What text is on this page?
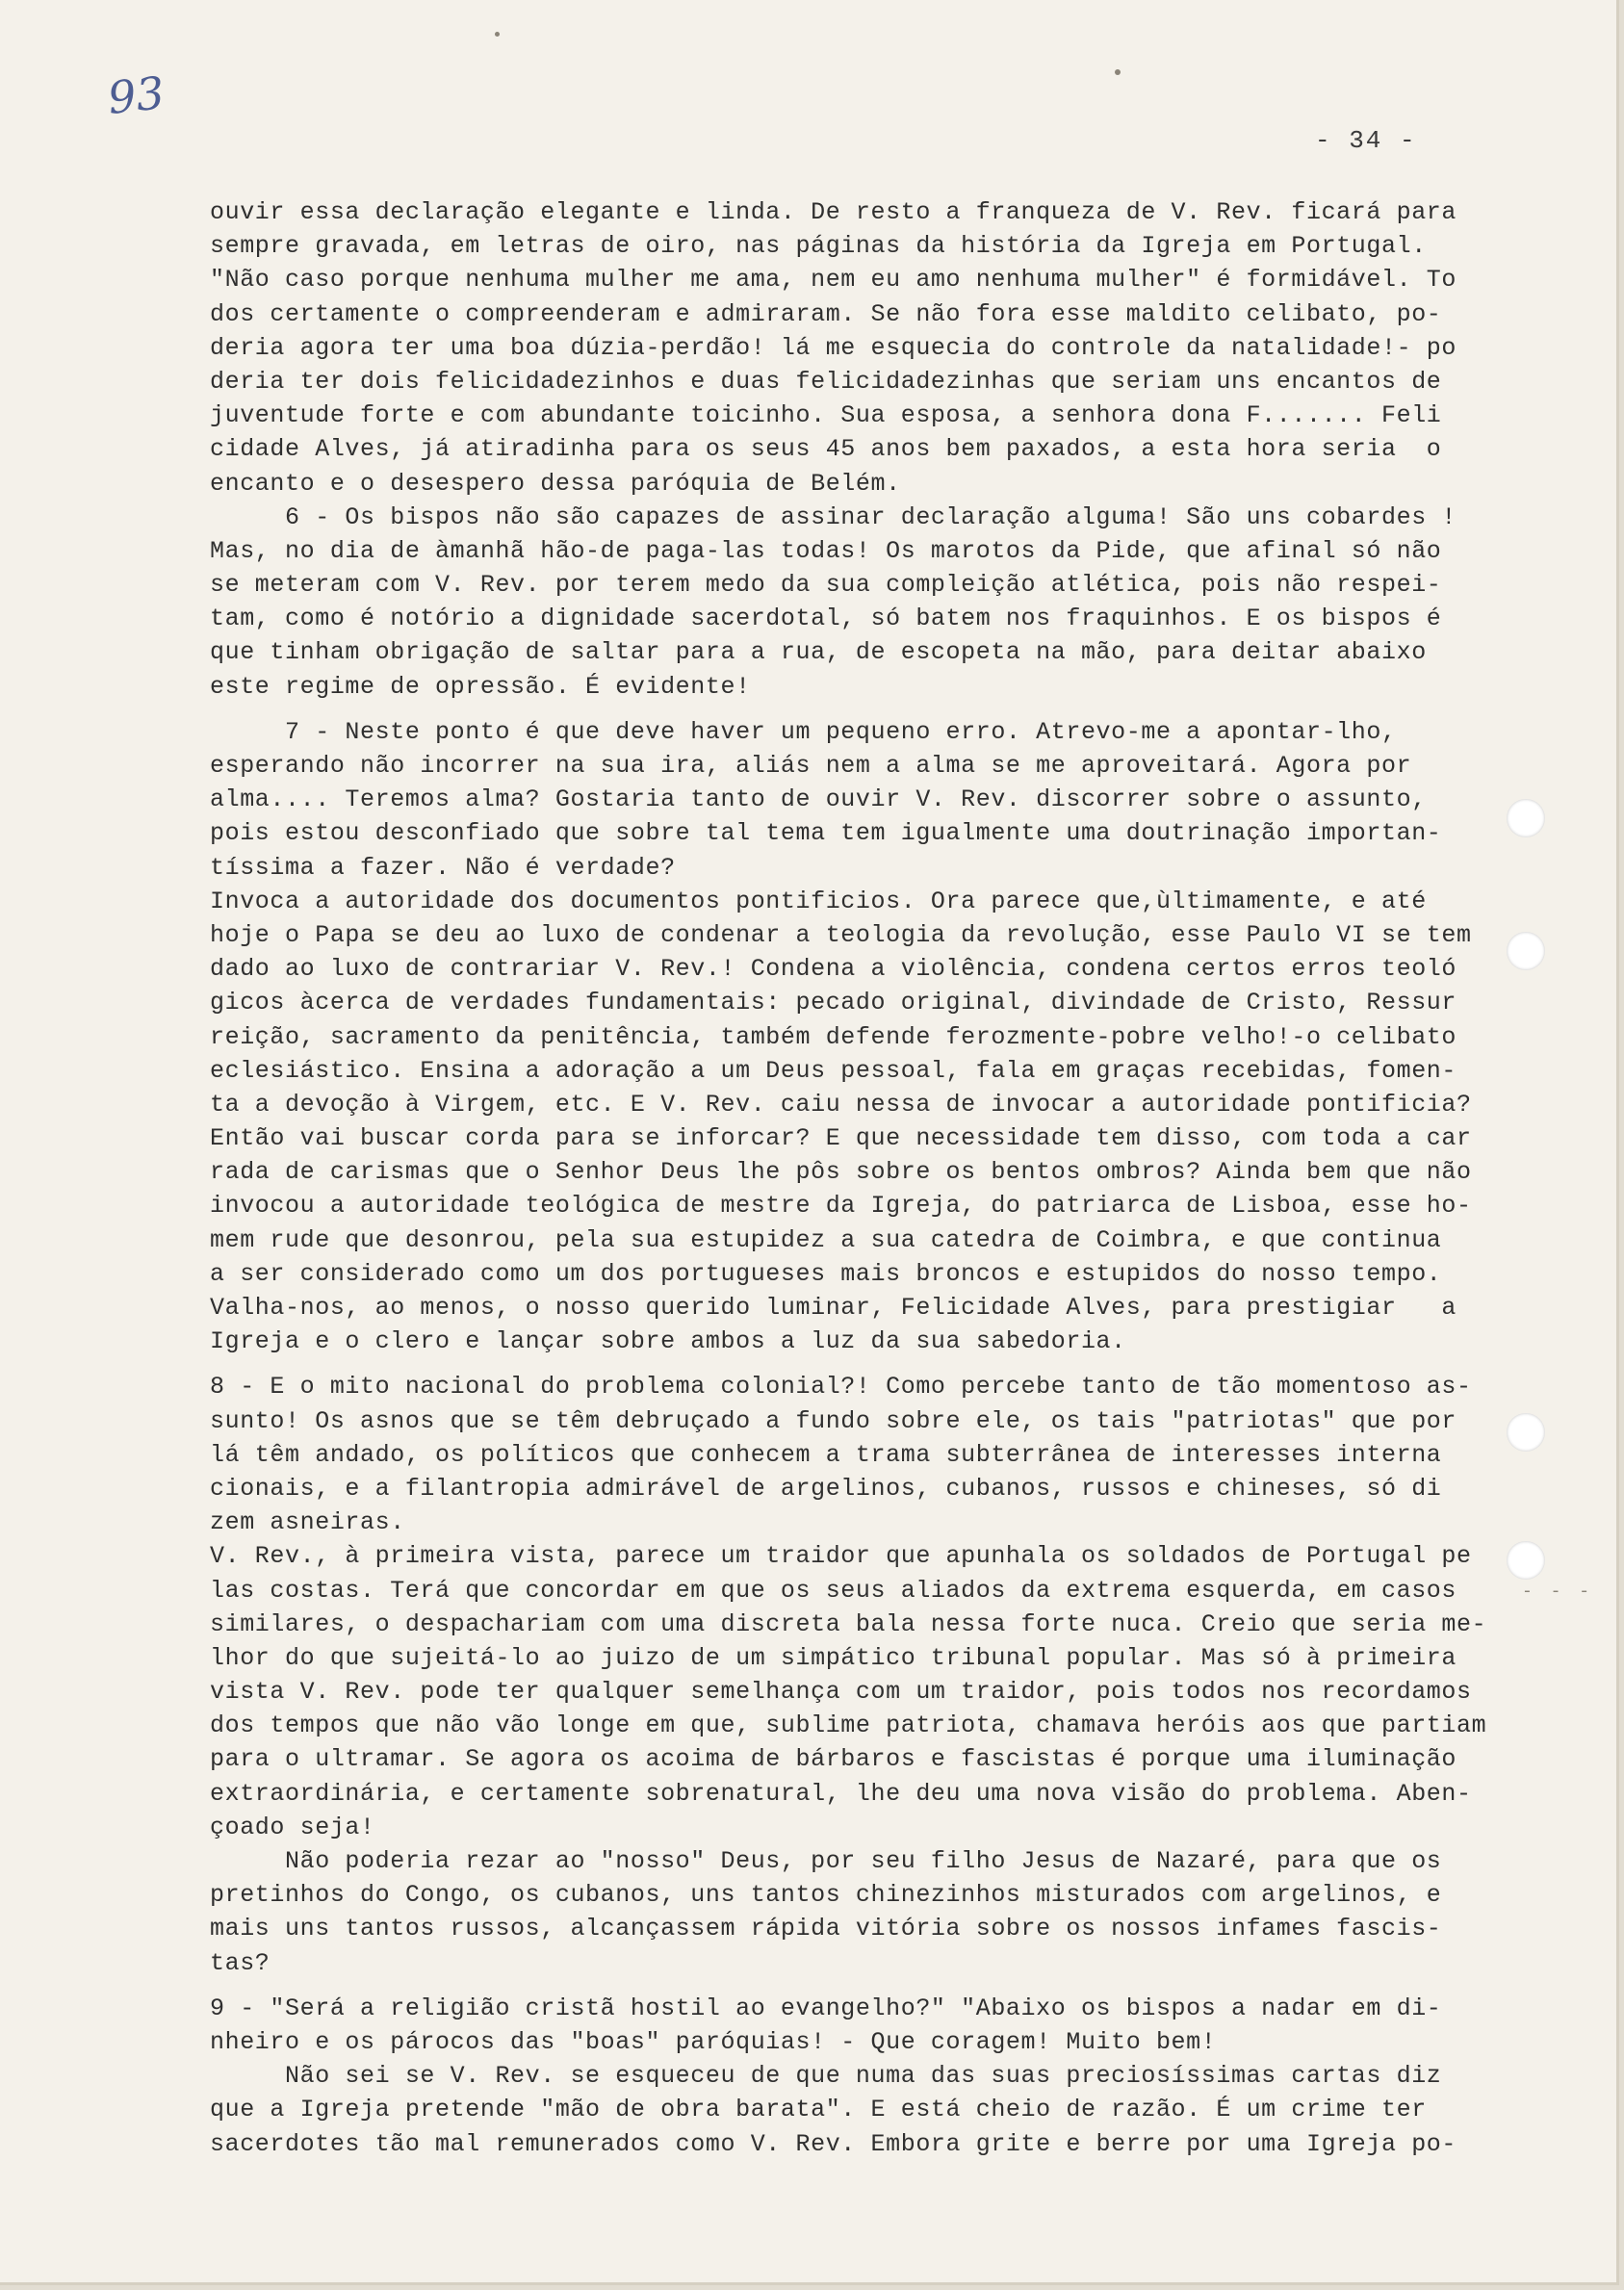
93
- 34 -
- - -
ouvir essa declaração elegante e linda. De resto a franqueza de V. Rev. ficará para
sempre gravada, em letras de oiro, nas páginas da história da Igreja em Portugal.
"Não caso porque nenhuma mulher me ama, nem eu amo nenhuma mulher" é formidável. To
dos certamente o compreenderam e admiraram. Se não fora esse maldito celibato, po-
deria agora ter uma boa dúzia-perdão! lá me esquecia do controle da natalidade!- po
deria ter dois felicidadezinhos e duas felicidadezinhas que seriam uns encantos de
juventude forte e com abundante toicinho. Sua esposa, a senhora dona F....... Feli
cidade Alves, já atiradinha para os seus 45 anos bem paxados, a esta hora seria  o
encanto e o desespero dessa paróquia de Belém.
6 - Os bispos não são capazes de assinar declaração alguma! São uns cobardes !
Mas, no dia de àmanhã hão-de paga-las todas! Os marotos da Pide, que afinal só não
se meteram com V. Rev. por terem medo da sua compleição atlética, pois não respei-
tam, como é notório a dignidade sacerdotal, só batem nos fraquinhos. E os bispos é
que tinham obrigação de saltar para a rua, de escopeta na mão, para deitar abaixo
este regime de opressão. É evidente!
7 - Neste ponto é que deve haver um pequeno erro. Atrevo-me a apontar-lho,
esperando não incorrer na sua ira, aliás nem a alma se me aproveitará. Agora por
alma.... Teremos alma? Gostaria tanto de ouvir V. Rev. discorrer sobre o assunto,
pois estou desconfiado que sobre tal tema tem igualmente uma doutrinação importan-
tíssima a fazer. Não é verdade?
Invoca a autoridade dos documentos pontificios. Ora parece que,ùltimamente, e até
hoje o Papa se deu ao luxo de condenar a teologia da revolução, esse Paulo VI se tem
dado ao luxo de contrariar V. Rev.! Condena a violência, condena certos erros teoló
gicos àcerca de verdades fundamentais: pecado original, divindade de Cristo, Ressur
reição, sacramento da penitência, também defende ferozmente-pobre velho!-o celibato
eclesiástico. Ensina a adoração a um Deus pessoal, fala em graças recebidas, fomen-
ta a devoção à Virgem, etc. E V. Rev. caiu nessa de invocar a autoridade pontificia?
Então vai buscar corda para se inforcar? E que necessidade tem disso, com toda a car
rada de carismas que o Senhor Deus lhe pôs sobre os bentos ombros? Ainda bem que não
invocou a autoridade teológica de mestre da Igreja, do patriarca de Lisboa, esse ho-
mem rude que desonrou, pela sua estupidez a sua catedra de Coimbra, e que continua
a ser considerado como um dos portugueses mais broncos e estupidos do nosso tempo.
Valha-nos, ao menos, o nosso querido luminar, Felicidade Alves, para prestigiar   a
Igreja e o clero e lançar sobre ambos a luz da sua sabedoria.
8 - E o mito nacional do problema colonial?! Como percebe tanto de tão momentoso as-
sunto! Os asnos que se têm debruçado a fundo sobre ele, os tais "patriotas" que por
lá têm andado, os políticos que conhecem a trama subterrânea de interesses interna
cionais, e a filantropia admirável de argelinos, cubanos, russos e chineses, só di
zem asneiras.
V. Rev., à primeira vista, parece um traidor que apunhala os soldados de Portugal pe
las costas. Terá que concordar em que os seus aliados da extrema esquerda, em casos
similares, o despachariam com uma discreta bala nessa forte nuca. Creio que seria me-
lhor do que sujeitá-lo ao juizo de um simpático tribunal popular. Mas só à primeira
vista V. Rev. pode ter qualquer semelhança com um traidor, pois todos nos recordamos
dos tempos que não vão longe em que, sublime patriota, chamava heróis aos que partiam
para o ultramar. Se agora os acoima de bárbaros e fascistas é porque uma iluminação
extraordinária, e certamente sobrenatural, lhe deu uma nova visão do problema. Aben-
çoado seja!
Não poderia rezar ao "nosso" Deus, por seu filho Jesus de Nazaré, para que os
pretinhos do Congo, os cubanos, uns tantos chinezinhos misturados com argelinos, e
mais uns tantos russos, alcançassem rápida vitória sobre os nossos infames fascis-
tas?
9 - "Será a religião cristã hostil ao evangelho?" "Abaixo os bispos a nadar em di-
nheiro e os párocos das "boas" paróquias! - Que coragem! Muito bem!
Não sei se V. Rev. se esqueceu de que numa das suas preciosíssimas cartas diz
que a Igreja pretende "mão de obra barata". E está cheio de razão. É um crime ter
sacerdotes tão mal remunerados como V. Rev. Embora grite e berre por uma Igreja po-
